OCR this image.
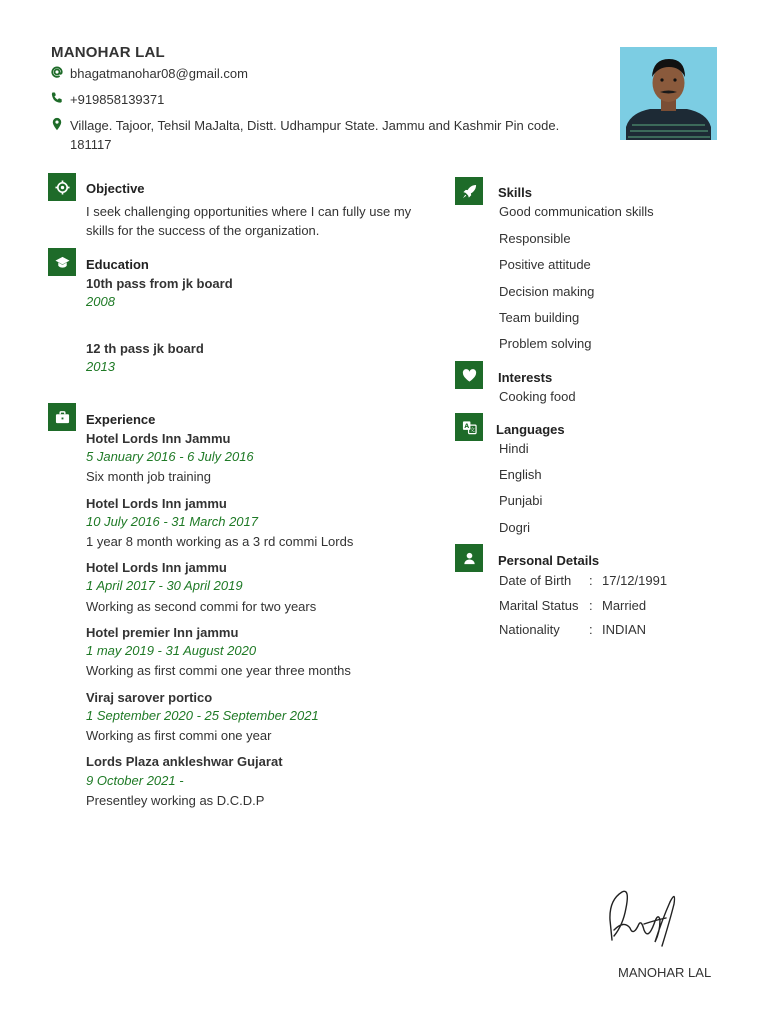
MANOHAR LAL
bhagatmanohar08@gmail.com
+919858139371
Village. Tajoor, Tehsil MaJalta, Distt. Udhampur State. Jammu and Kashmir Pin code. 181117
Objective
I seek challenging opportunities where I can fully use my skills for the success of the organization.
Education
10th pass from jk board
2008
12 th pass jk board
2013
Experience
Hotel Lords Inn Jammu
5 January 2016 - 6 July 2016
Six month job training
Hotel Lords Inn jammu
10 July 2016 - 31 March 2017
1 year 8 month working as a 3 rd commi Lords
Hotel Lords Inn jammu
1 April 2017 - 30 April 2019
Working as second commi for two years
Hotel premier Inn jammu
1 may 2019 - 31 August 2020
Working as first commi one year three months
Viraj sarover portico
1 September 2020 - 25 September 2021
Working as first commi one year
Lords Plaza ankleshwar Gujarat
9 October 2021 -
Presentley working as D.C.D.P
Skills
Good communication skills
Responsible
Positive attitude
Decision making
Team building
Problem solving
Interests
Cooking food
A
文 Languages
Hindi
English
Punjabi
Dogri
Personal Details
Date of Birth : 17/12/1991
Marital Status : Married
Nationality : INDIAN
MANOHAR LAL
